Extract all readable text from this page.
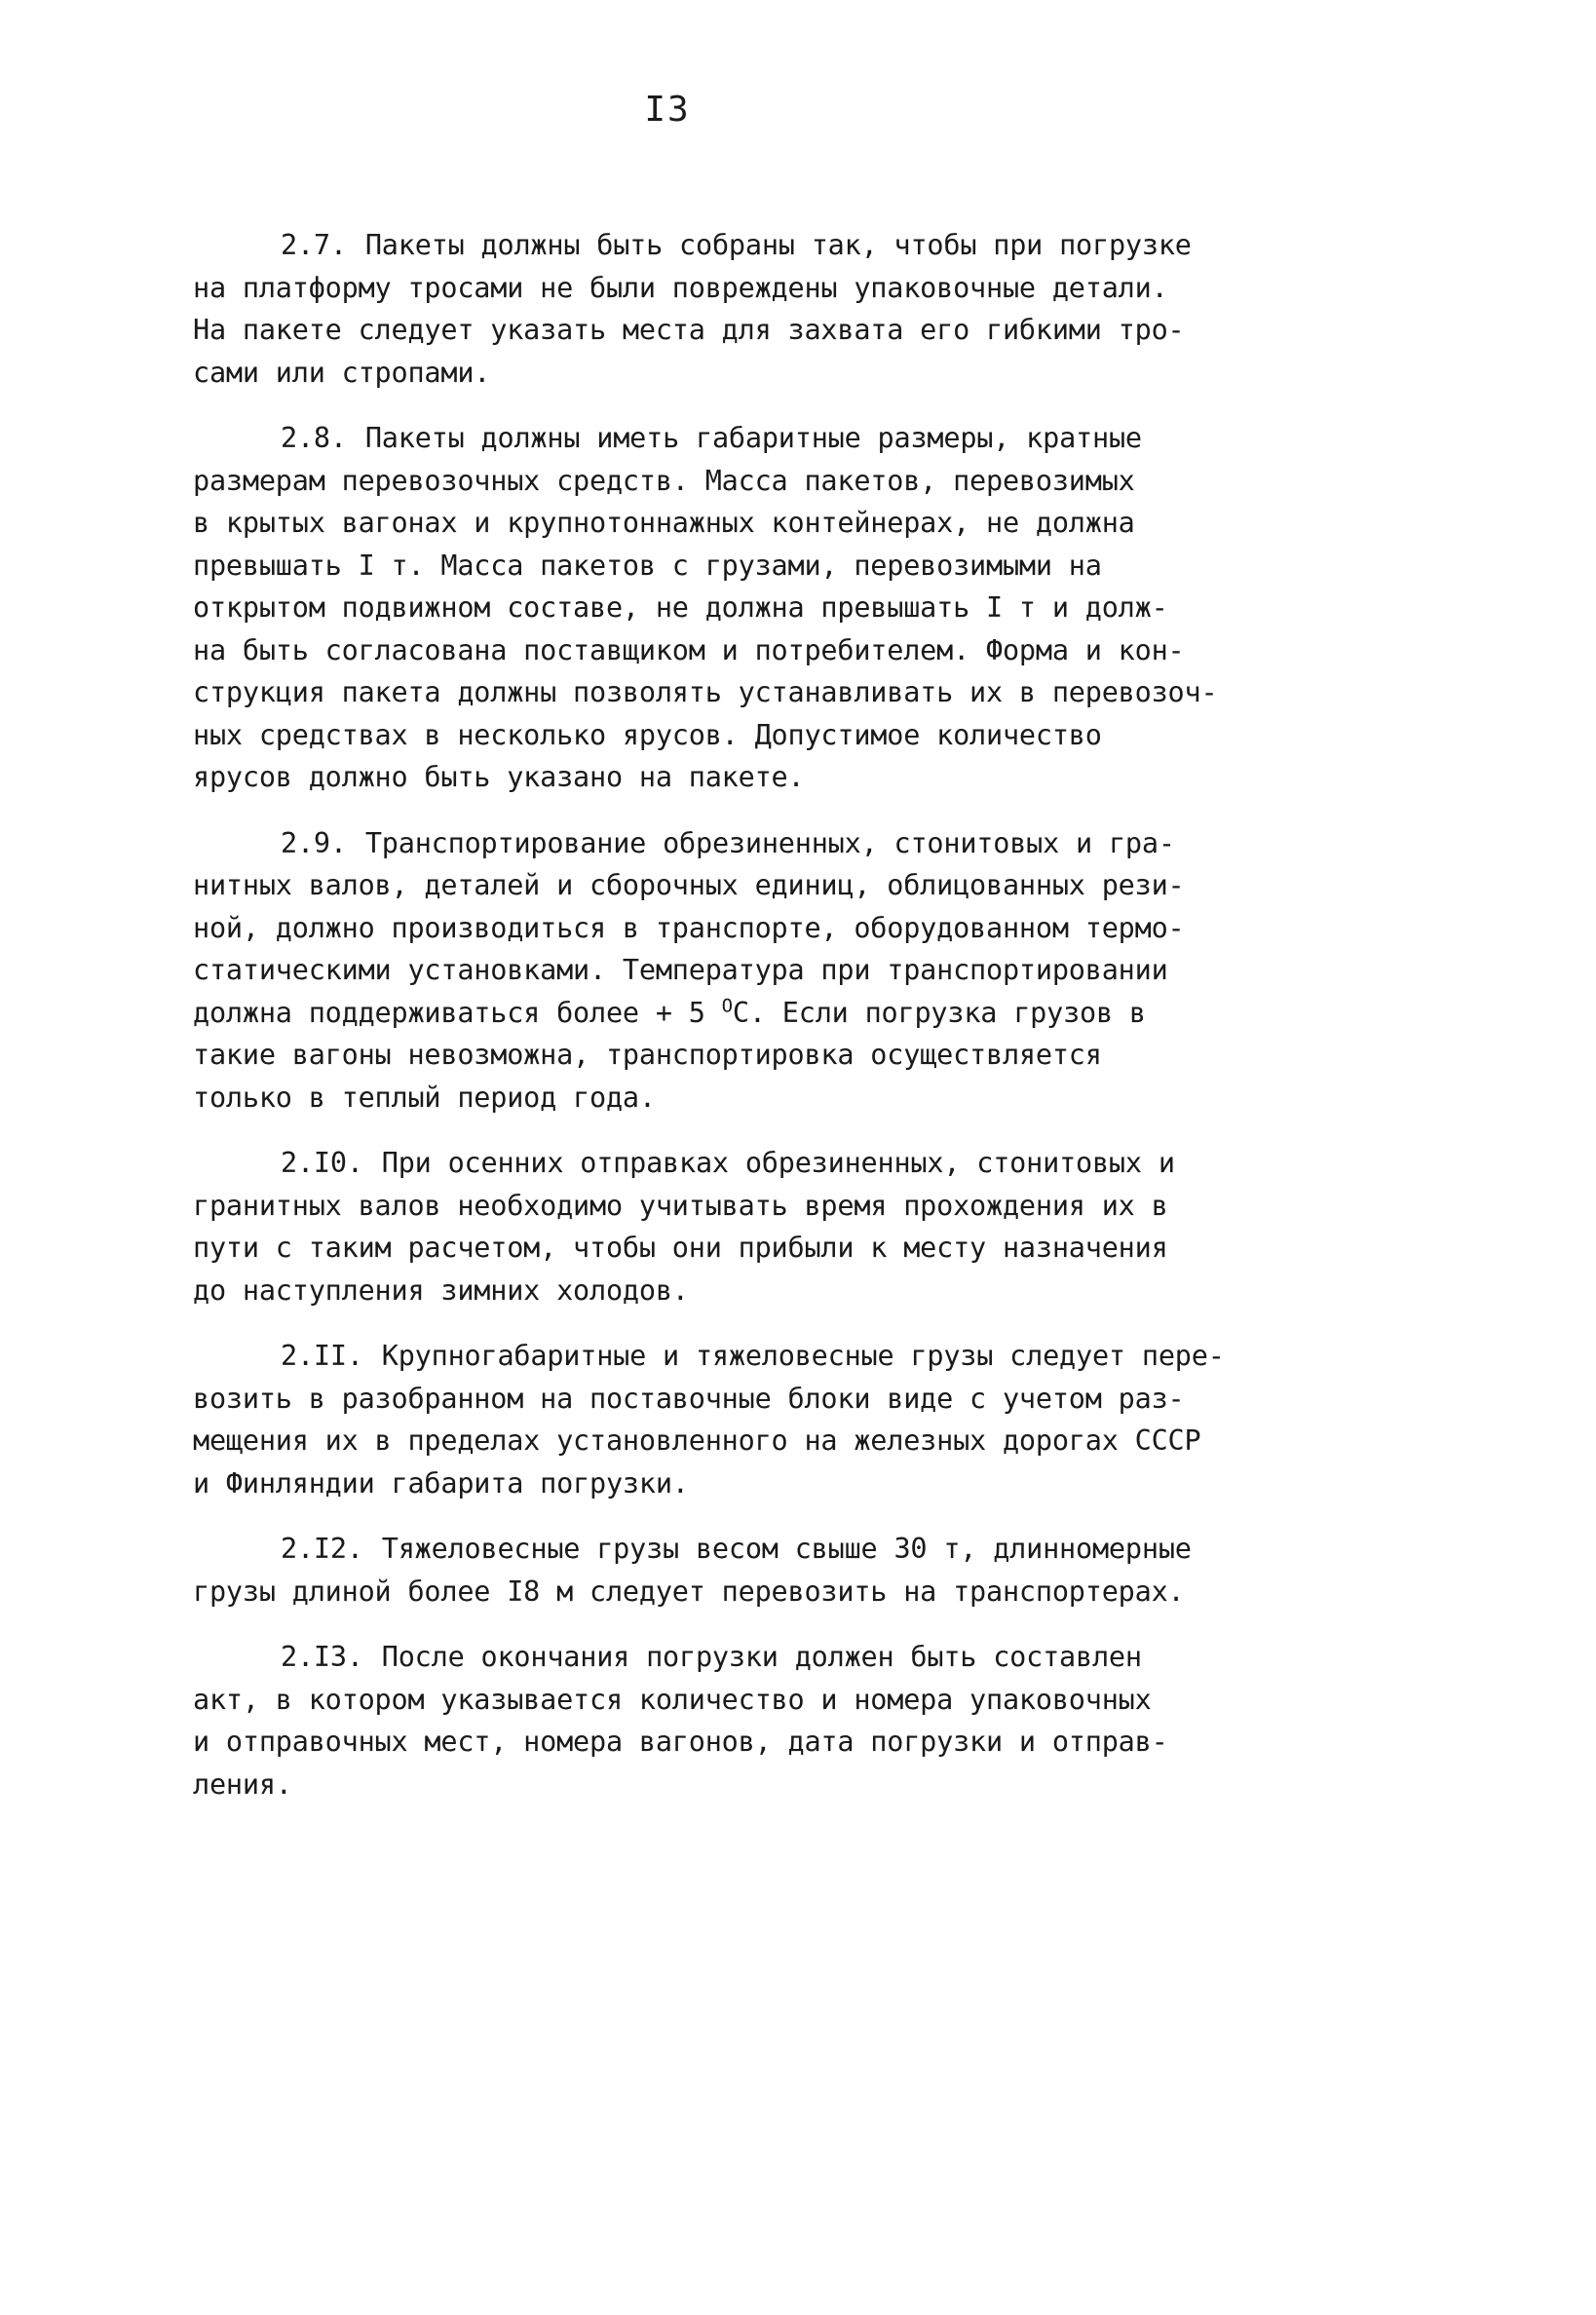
I3

2.7. Пакеты должны быть собраны так, чтобы при погрузке
на платформу тросами не были повреждены упаковочные детали.
На пакете следует указать места для захвата его гибкими тро-
сами или стропами.

2.8. Пакеты должны иметь габаритные размеры, кратные
размерам перевозочных средств. Масса пакетов, перевозимых
в крытых вагонах и крупнотоннажных контейнерах, не должна
превышать I т. Масса пакетов с грузами, перевозимыми на
открытом подвижном составе, не должна превышать I т и долж-
на быть согласована поставщиком и потребителем. Форма и кон-
струкция пакета должны позволять устанавливать их в перевозоч-
ных средствах в несколько ярусов. Допустимое количество
ярусов должно быть указано на пакете.

2.9. Транспортирование обрезиненных, стонитовых и гра-
нитных валов, деталей и сборочных единиц, облицованных рези-
ной, должно производиться в транспорте, оборудованном термо-
статическими установками. Температура при транспортировании
должна поддерживаться более + 5 $^O$С. Если погрузка грузов в
такие вагоны невозможна, транспортировка осуществляется
только в теплый период года.

2.I0. При осенних отправках обрезиненных, стонитовых и
гранитных валов необходимо учитывать время прохождения их в
пути с таким расчетом, чтобы они прибыли к месту назначения
до наступления зимних холодов.

2.II. Крупногабаритные и тяжеловесные грузы следует пере-
возить в разобранном на поставочные блоки виде с учетом раз-
мещения их в пределах установленного на железных дорогах СССР
и Финляндии габарита погрузки.

2.I2. Тяжеловесные грузы весом свыше 30 т, длинномерные
грузы длиной более I8 м следует перевозить на транспортерах.

2.I3. После окончания погрузки должен быть составлен
акт, в котором указывается количество и номера упаковочных
и отправочных мест, номера вагонов, дата погрузки и отправ-
ления.
